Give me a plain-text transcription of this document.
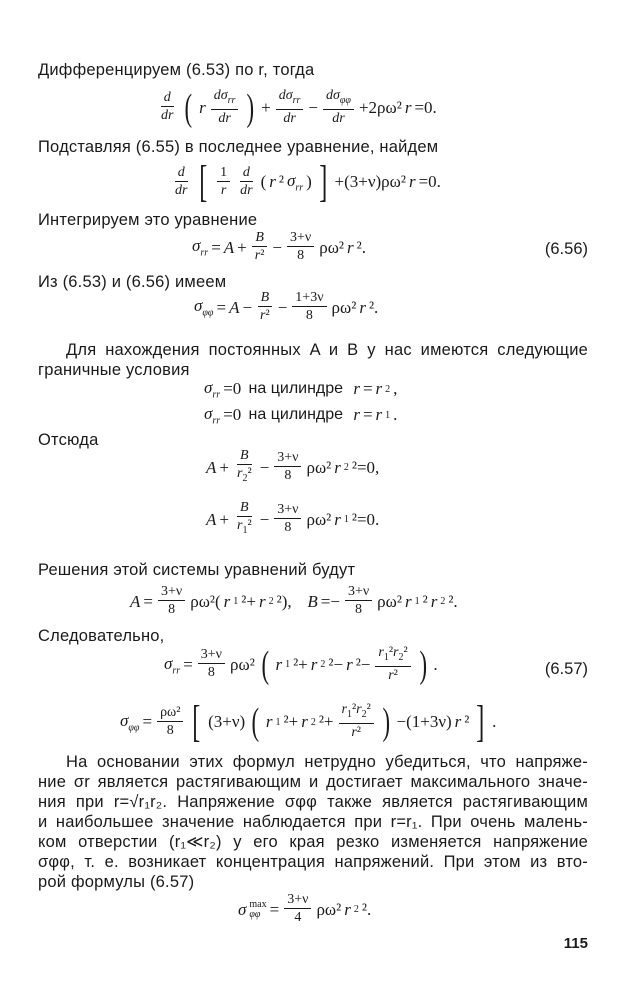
Дифференцируем (6.53) по r, тогда
$\frac{d}{dr}$ ( r $\frac{d\sigma_{rr}}{dr}$ ) + $\frac{d\sigma_{rr}}{dr} - \frac{d\sigma_{\varphi\varphi}}{dr} +2\rho\omega^2$ r =0.
Подставляя (6.55) в последнее уравнение, найдем
$\frac{d}{dr}$ [ $\frac{1}{r} \frac{d}{dr}$ ( r ² $\sigma_{rr}$ ) ] +(3+ν)ρω² r =0.
Интегрируем это уравнение
$\sigma_{rr} = A + \frac{B}{\text{r²}} - \frac{3+\nu}{8} \rho\omega^2$ r ².	(6.56)
Из (6.53) и (6.56) имеем
$\sigma_{\varphi\varphi} = A - \frac{B}{\text{r²}} - \frac{1+3\nu}{8} \rho\omega^2$ r ².
Для нахождения постоянных A и B у нас имеются следующие
граничные условия
$\sigma_{rr} =0$ на цилиндре
r = r 2 ,
$\sigma_{rr} =0$ на цилиндре
r = r 1 .
Отсюда
$A + \frac{B}{r_2^2} - \frac{3+\nu}{8} \rho\omega^2$ r 2 ²=0,
$A + \frac{B}{r_1^2} - \frac{3+\nu}{8} \rho\omega^2$ r 1 ²=0.
Решения этой системы уравнений будут
$A = \frac{3+\nu}{8} \rho\omega^2$( r 1 ²+ r 2 ²), $B =- \frac{3+\nu}{8} \rho\omega^2$ r 1 ² r 2 ².
Следовательно,
$\sigma_{rr} = \frac{3+\nu}{8} \rho\omega^2$ ( r 1 ²+ r 2 ²− r $^2- \frac{r_1^2r_2^2}{\text{r²}}$ ) .	(6.57)
$\sigma_{\varphi\varphi} = \frac{\text{ρω²}}{8}$ [ (3+ν) ( r 1 ²+ r 2 $^2+ \frac{r_1^2r_2^2}{\text{r²}}$ ) −(1+3ν) r ² ] .
На основании этих формул нетрудно убедиться, что напряже-
ние σr является растягивающим и достигает максимального значе-
ния при r=√r₁r₂. Напряжение σφφ также является растягивающим
и наибольшее значение наблюдается при r=r₁. При очень малень-
ком отверстии (r₁≪r₂) у его края резко изменяется напряжение
σφφ, т. е. возникает концентрация напряжений. При этом из вто-
рой формулы (6.57)
σ max
$\varphi\varphi = \frac{3+\nu}{4} \rho\omega^2$ r 2 ².
115
